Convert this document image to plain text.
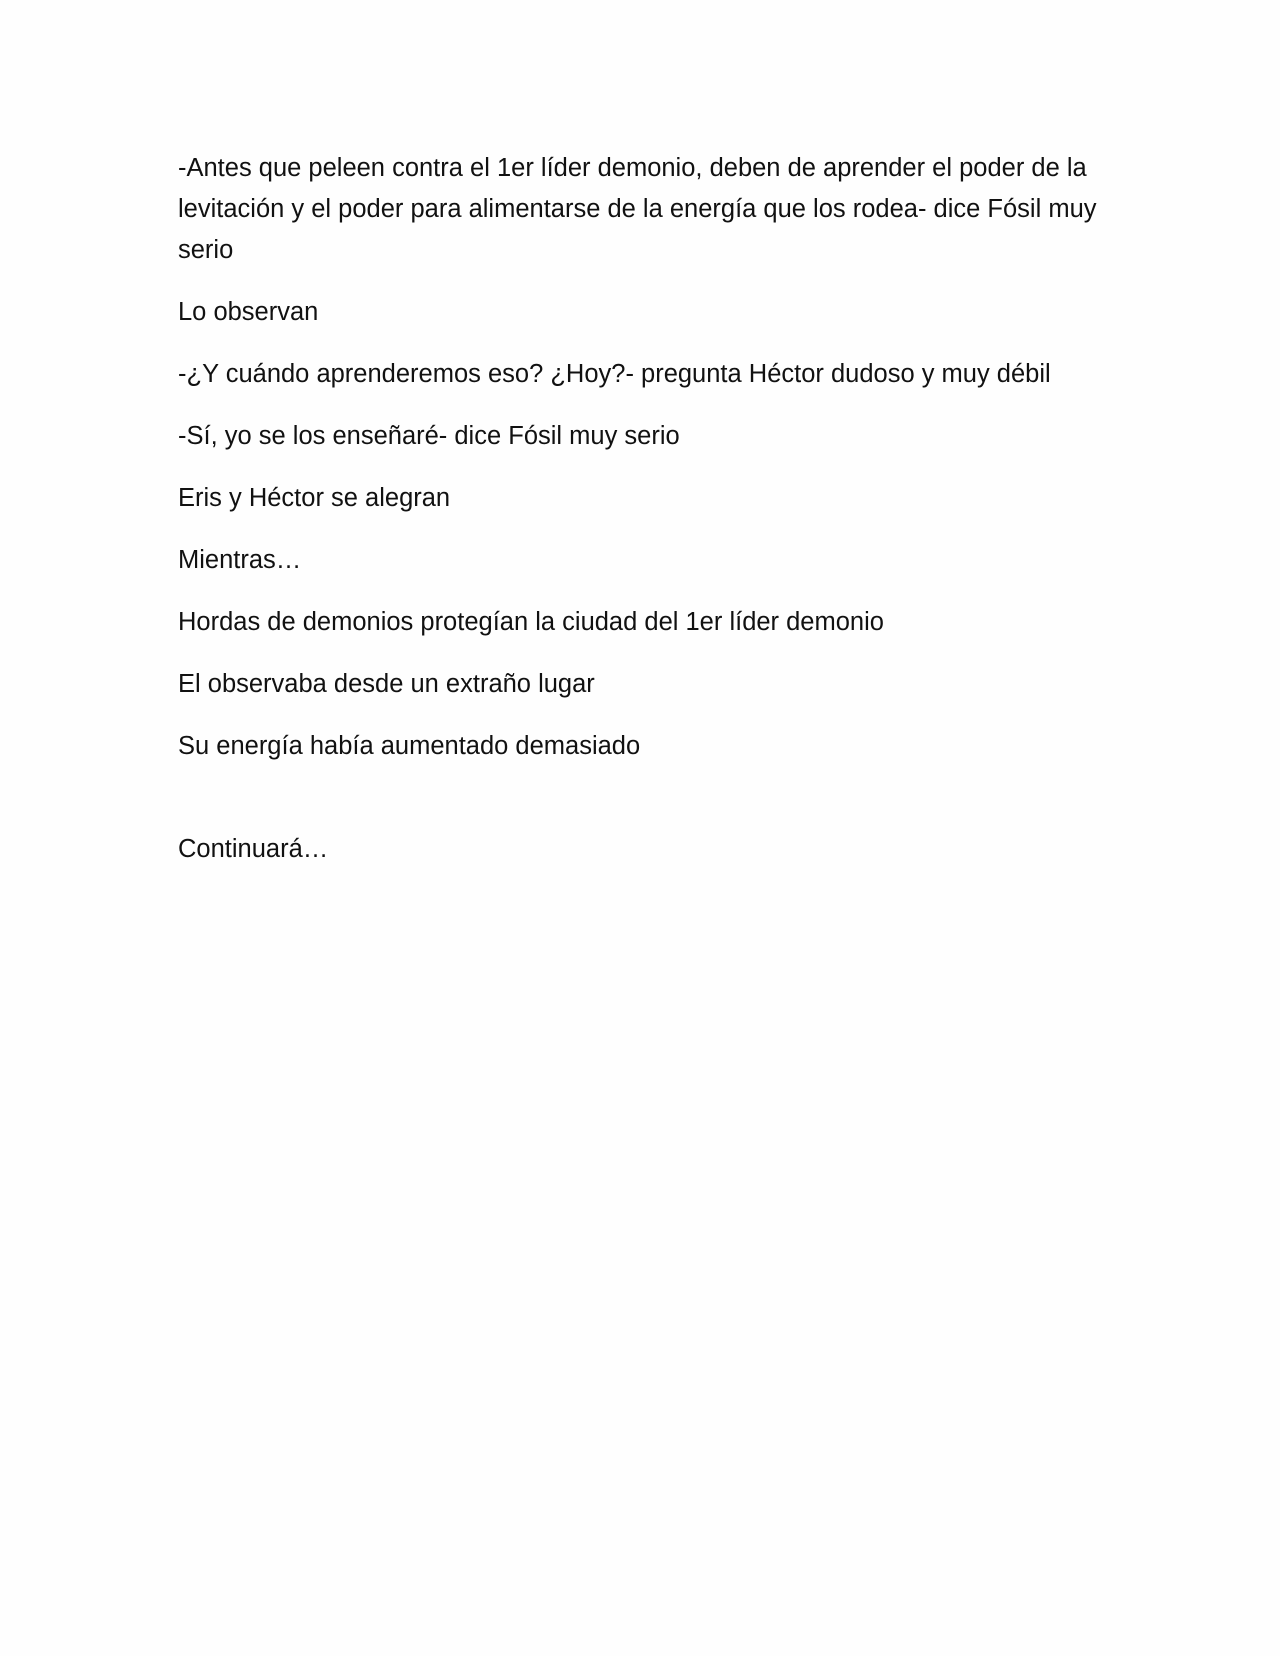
-Antes que peleen contra el 1er líder demonio, deben de aprender el poder de la levitación y el poder para alimentarse de la energía que los rodea- dice Fósil muy serio

Lo observan

-¿Y cuándo aprenderemos eso? ¿Hoy?- pregunta Héctor dudoso y muy débil

-Sí, yo se los enseñaré- dice Fósil muy serio

Eris y Héctor se alegran

Mientras…

Hordas de demonios protegían la ciudad del 1er líder demonio

El observaba desde un extraño lugar

Su energía había aumentado demasiado

Continuará…
